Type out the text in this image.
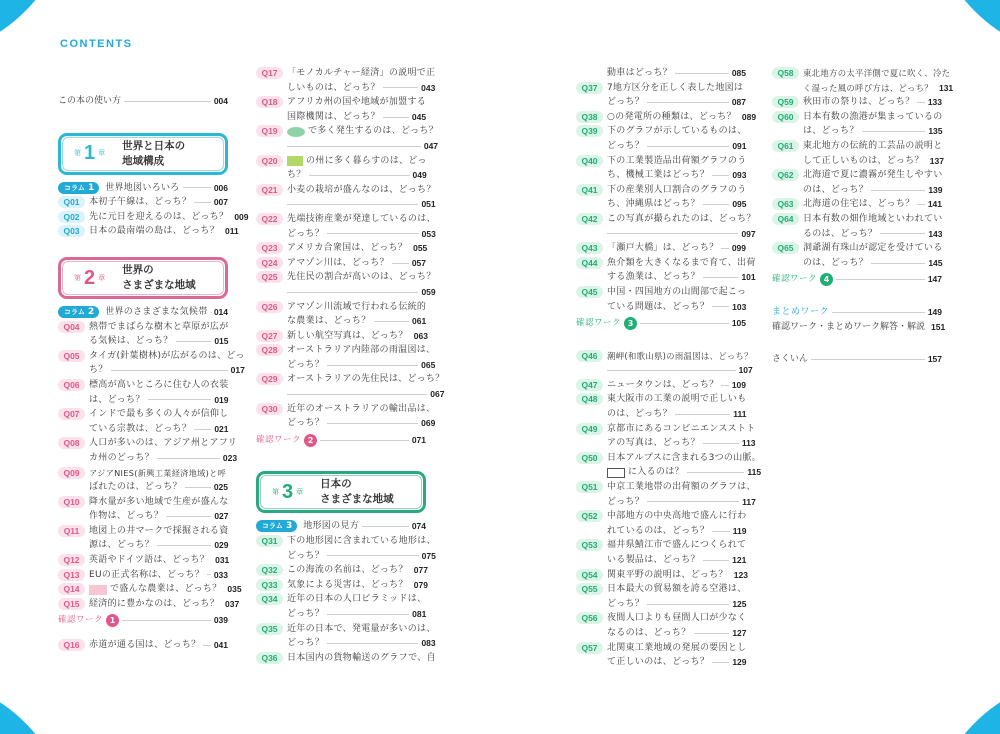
CONTENTS
この本の使い方	004
第 1 章
世界と日本の
地域構成
コラム 1	世界地図いろいろ	006
Q01	本初子午線は、どっち？	007
Q02	先に元日を迎えるのは、どっち？ 009
Q03	日本の最南端の島は、どっち？ 011
第 2 章
世界の
さまざまな地域
コラム 2	世界のさまざまな気候帯 014
Q04	熱帯でまばらな樹木と草原が広が
る気候は、どっち？	015
Q05	タイガ(針葉樹林)が広がるのは、どっ
ち？	017
Q06	標高が高いところに住む人の衣装
は、どっち？	019
Q07	インドで最も多くの人々が信仰し
ている宗教は、どっち？	021
Q08	人口が多いのは、アジア州とアフリ
カ州のどっち？	023
Q09	アジアNIES(新興工業経済地域)と呼
ばれたのは、どっち？	025
Q10	降水量が多い地域で生産が盛んな
作物は、どっち？	027
Q11	地図上の井マークで採掘される資
源は、どっち？	029
Q12	英語やドイツ語は、どっち？ 031
Q13	EUの正式名称は、どっち？ 033
Q14	で盛んな農業は、どっち？ 035
Q15	経済的に豊かなのは、どっち？ 037
確認ワーク 1	039
Q16	赤道が通る国は、どっち？ 041
Q17	「モノカルチャー経済」の説明で正
しいものは、どっち？	043
Q18	アフリカ州の国や地域が加盟する
国際機関は、どっち？	045
Q19	で多く発生するのは、どっち？
047
Q20	の州に多く暮らすのは、どっ
ち？	049
Q21	小麦の栽培が盛んなのは、どっち？
051
Q22	先端技術産業が発達しているのは、
どっち？	053
Q23	アメリカ合衆国は、どっち？ 055
Q24	アマゾン川は、どっち？	057
Q25	先住民の割合が高いのは、どっち？
059
Q26	アマゾン川流域で行われる伝統的
な農業は、どっち？	061
Q27	新しい航空写真は、どっち？ 063
Q28	オーストラリア内陸部の雨温図は、
どっち？	065
Q29	オーストラリアの先住民は、どっち？
067
Q30	近年のオーストラリアの輸出品は、
どっち？	069
確認ワーク 2	071
第 3 章
日本の
さまざまな地域
コラム 3	地形図の見方	074
Q31	下の地形図に含まれている地形は、
どっち？	075
Q32	この海流の名前は、どっち？ 077
Q33	気象による災害は、どっち？ 079
Q34	近年の日本の人口ピラミッドは、
どっち？	081
Q35	近年の日本で、発電量が多いのは、
どっち？	083
Q36	日本国内の貨物輸送のグラフで、自
動車はどっち？	085
Q37	7地方区分を正しく表した地図は
どっち？	087
Q38	○の発電所の種類は、どっち？ 089
Q39	下のグラフが示しているものは、
どっち？	091
Q40	下の工業製造品出荷額グラフのう
ち、機械工業はどっち？	093
Q41	下の産業別人口割合のグラフのう
ち、沖縄県はどっち？	095
Q42	この写真が撮られたのは、どっち？
097
Q43	「瀬戸大橋」は、どっち？ 099
Q44	魚介類を大きくなるまで育て、出荷
する漁業は、どっち？	101
Q45	中国・四国地方の山間部で起こっ
ている問題は、どっち？	103
確認ワーク 3	105
Q46	潮岬(和歌山県)の雨温図は、どっち？
107
Q47	ニュータウンは、どっち？ 109
Q48	東大阪市の工業の説明で正しいも
のは、どっち？	111
Q49	京都市にあるコンビニエンスストト
アの写真は、どっち？	113
Q50	日本アルプスに含まれる3つの山脈。
に入るのは？	115
Q51	中京工業地帯の出荷額のグラフは、
どっち？	117
Q52	中部地方の中央高地で盛んに行わ
れているのは、どっち？	119
Q53	福井県鯖江市で盛んにつくられて
いる製品は、どっち？	121
Q54	関東平野の説明は、どっち？ 123
Q55	日本最大の貿易額を誇る空港は、
どっち？	125
Q56	夜間人口よりも昼間人口が少なく
なるのは、どっち？	127
Q57	北関東工業地域の発展の要因とし
て正しいのは、どっち？	129
Q58	東北地方の太平洋側で夏に吹く、冷た
く湿った風の呼び方は、どっち？ 131
Q59	秋田市の祭りは、どっち？ 133
Q60	日本有数の漁港が集まっているの
は、どっち？	135
Q61	東北地方の伝統的工芸品の説明と
して正しいものは、どっち？ 137
Q62	北海道で夏に濃霧が発生しやすい
のは、どっち？	139
Q63	北海道の住宅は、どっち？ 141
Q64	日本有数の畑作地域といわれてい
るのは、どっち？	143
Q65	洞爺湖有珠山が認定を受けている
のは、どっち？	145
確認ワーク 4	147
まとめワーク	149
確認ワーク・まとめワーク解答・解説 151
さくいん	157
